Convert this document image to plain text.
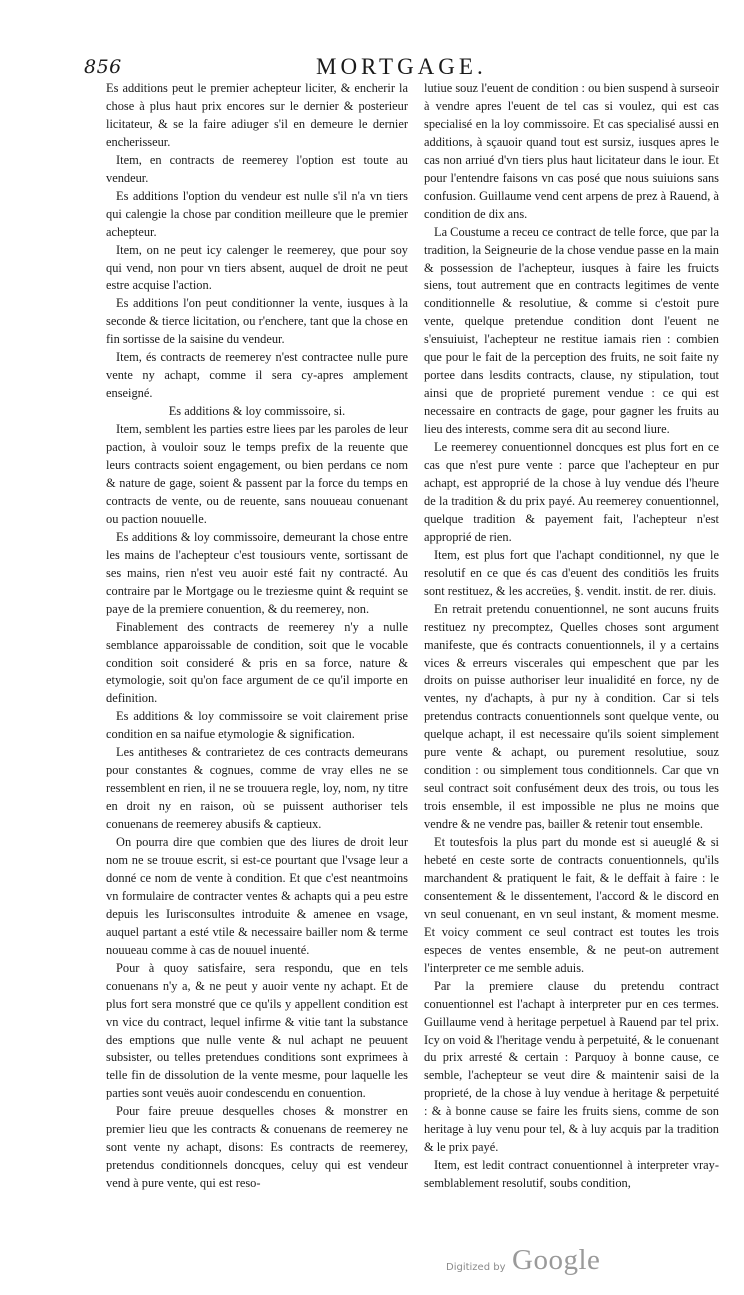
856	MORTGAGE.

Es additions peut le premier achepteur liciter, & encherir la chose à plus haut prix encores sur le dernier & posterieur licitateur, & se la faire adiuger s'il en demeure le dernier encherisseur.

Item, en contracts de reemerey l'option est toute au vendeur.

Es additions l'option du vendeur est nulle s'il n'a vn tiers qui calengie la chose par condition meilleure que le premier achepteur.

Item, on ne peut icy calenger le reemerey, que pour soy qui vend, non pour vn tiers absent, auquel de droit ne peut estre acquise l'action.

Es additions l'on peut conditionner la vente, iusques à la seconde & tierce licitation, ou r'enchere, tant que la chose en fin sortisse de la saisine du vendeur.

Item, és contracts de reemerey n'est contractee nulle pure vente ny achapt, comme il sera cy-apres amplement enseigné.

Es additions & loy commissoire, si.

Item, semblent les parties estre liees par les paroles de leur paction, à vouloir souz le temps prefix de la reuente que leurs contracts soient engagement, ou bien perdans ce nom & nature de gage, soient & passent par la force du temps en contracts de vente, ou de reuente, sans nouueau conuenant ou paction nouuelle.

Es additions & loy commissoire, demeurant la chose entre les mains de l'achepteur c'est tousiours vente, sortissant de ses mains, rien n'est veu auoir esté fait ny contracté. Au contraire par le Mortgage ou le treziesme quint & requint se paye de la premiere conuention, & du reemerey, non.

Finablement des contracts de reemerey n'y a nulle semblance apparoissable de condition, soit que le vocable condition soit consideré & pris en sa force, nature & etymologie, soit qu'on face argument de ce qu'il importe en definition.

Es additions & loy commissoire se voit clairement prise condition en sa naifue etymologie & signification.

Les antitheses & contrarietez de ces contracts demeurans pour constantes & cognues, comme de vray elles ne se ressemblent en rien, il ne se trouuera regle, loy, nom, ny titre en droit ny en raison, où se puissent authoriser tels conuenans de reemerey abusifs & captieux.

On pourra dire que combien que des liures de droit leur nom ne se trouue escrit, si est-ce pourtant que l'vsage leur a donné ce nom de vente à condition. Et que c'est neantmoins vn formulaire de contracter ventes & achapts qui a peu estre depuis les Iurisconsultes introduite & amenee en vsage, auquel partant a esté vtile & necessaire bailler nom & terme nouueau comme à cas de nouuel inuenté.

Pour à quoy satisfaire, sera respondu, que en tels conuenans n'y a, & ne peut y auoir vente ny achapt. Et de plus fort sera monstré que ce qu'ils y appellent condition est vn vice du contract, lequel infirme & vitie tant la substance des emptions que nulle vente & nul achapt ne peuuent subsister, ou telles pretendues conditions sont exprimees à telle fin de dissolution de la vente mesme, pour laquelle les parties sont veuës auoir condescendu en conuention.

Pour faire preuue desquelles choses & monstrer en premier lieu que les contracts & conuenans de reemerey ne sont vente ny achapt, disons: Es contracts de reemerey, pretendus conditionnels doncques, celuy qui est vendeur vend à pure vente, qui est reso-

lutiue souz l'euent de condition : ou bien suspend à surseoir à vendre apres l'euent de tel cas si voulez, qui est cas specialisé en la loy commissoire. Et cas specialisé aussi en additions, à sçauoir quand tout est sursiz, iusques apres le cas non arriué d'vn tiers plus haut licitateur dans le iour. Et pour l'entendre faisons vn cas posé que nous suiuions sans confusion. Guillaume vend cent arpens de prez à Rauend, à condition de dix ans.

La Coustume a receu ce contract de telle force, que par la tradition, la Seigneurie de la chose vendue passe en la main & possession de l'achepteur, iusques à faire les fruicts siens, tout autrement que en contracts legitimes de vente conditionnelle & resolutiue, & comme si c'estoit pure vente, quelque pretendue condition dont l'euent ne s'ensuiuist, l'achepteur ne restitue iamais rien : combien que pour le fait de la perception des fruits, ne soit faite ny portee dans lesdits contracts, clause, ny stipulation, tout ainsi que de proprieté purement vendue : ce qui est necessaire en contracts de gage, pour gagner les fruits au lieu des interests, comme sera dit au second liure.

Le reemerey conuentionnel doncques est plus fort en ce cas que n'est pure vente : parce que l'achepteur en pur achapt, est approprié de la chose à luy vendue dés l'heure de la tradition & du prix payé. Au reemerey conuentionnel, quelque tradition & payement fait, l'achepteur n'est approprié de rien.

Item, est plus fort que l'achapt conditionnel, ny que le resolutif en ce que és cas d'euent des conditiōs les fruits sont restituez, & les accreües, §. vendit. instit. de rer. diuis.

En retrait pretendu conuentionnel, ne sont aucuns fruits restituez ny precomptez, Quelles choses sont argument manifeste, que és contracts conuentionnels, il y a certains vices & erreurs viscerales qui empeschent que par les droits on puisse authoriser leur inualidité en force, ny de ventes, ny d'achapts, à pur ny à condition. Car si tels pretendus contracts conuentionnels sont quelque vente, ou quelque achapt, il est necessaire qu'ils soient simplement pure vente & achapt, ou purement resolutiue, souz condition : ou simplement tous conditionnels. Car que vn seul contract soit confusément deux des trois, ou tous les trois ensemble, il est impossible ne plus ne moins que vendre & ne vendre pas, bailler & retenir tout ensemble.

Et toutesfois la plus part du monde est si aueuglé & si hebeté en ceste sorte de contracts conuentionnels, qu'ils marchandent & pratiquent le fait, & le deffait à faire : le consentement & le dissentement, l'accord & le discord en vn seul conuenant, en vn seul instant, & moment mesme. Et voicy comment ce seul contract est toutes les trois especes de ventes ensemble, & ne peut-on autrement l'interpreter ce me semble aduis.

Par la premiere clause du pretendu contract conuentionnel est l'achapt à interpreter pur en ces termes. Guillaume vend à heritage perpetuel à Rauend par tel prix. Icy on void & l'heritage vendu à perpetuité, & le conuenant du prix arresté & certain : Parquoy à bonne cause, ce semble, l'achepteur se veut dire & maintenir saisi de la proprieté, de la chose à luy vendue à heritage & perpetuité : & à bonne cause se faire les fruits siens, comme de son heritage à luy venu pour tel, & à luy acquis par la tradition & le prix payé.

Item, est ledit contract conuentionnel à interpreter vray-semblablement resolutif, soubs condition,

Digitized by Google
